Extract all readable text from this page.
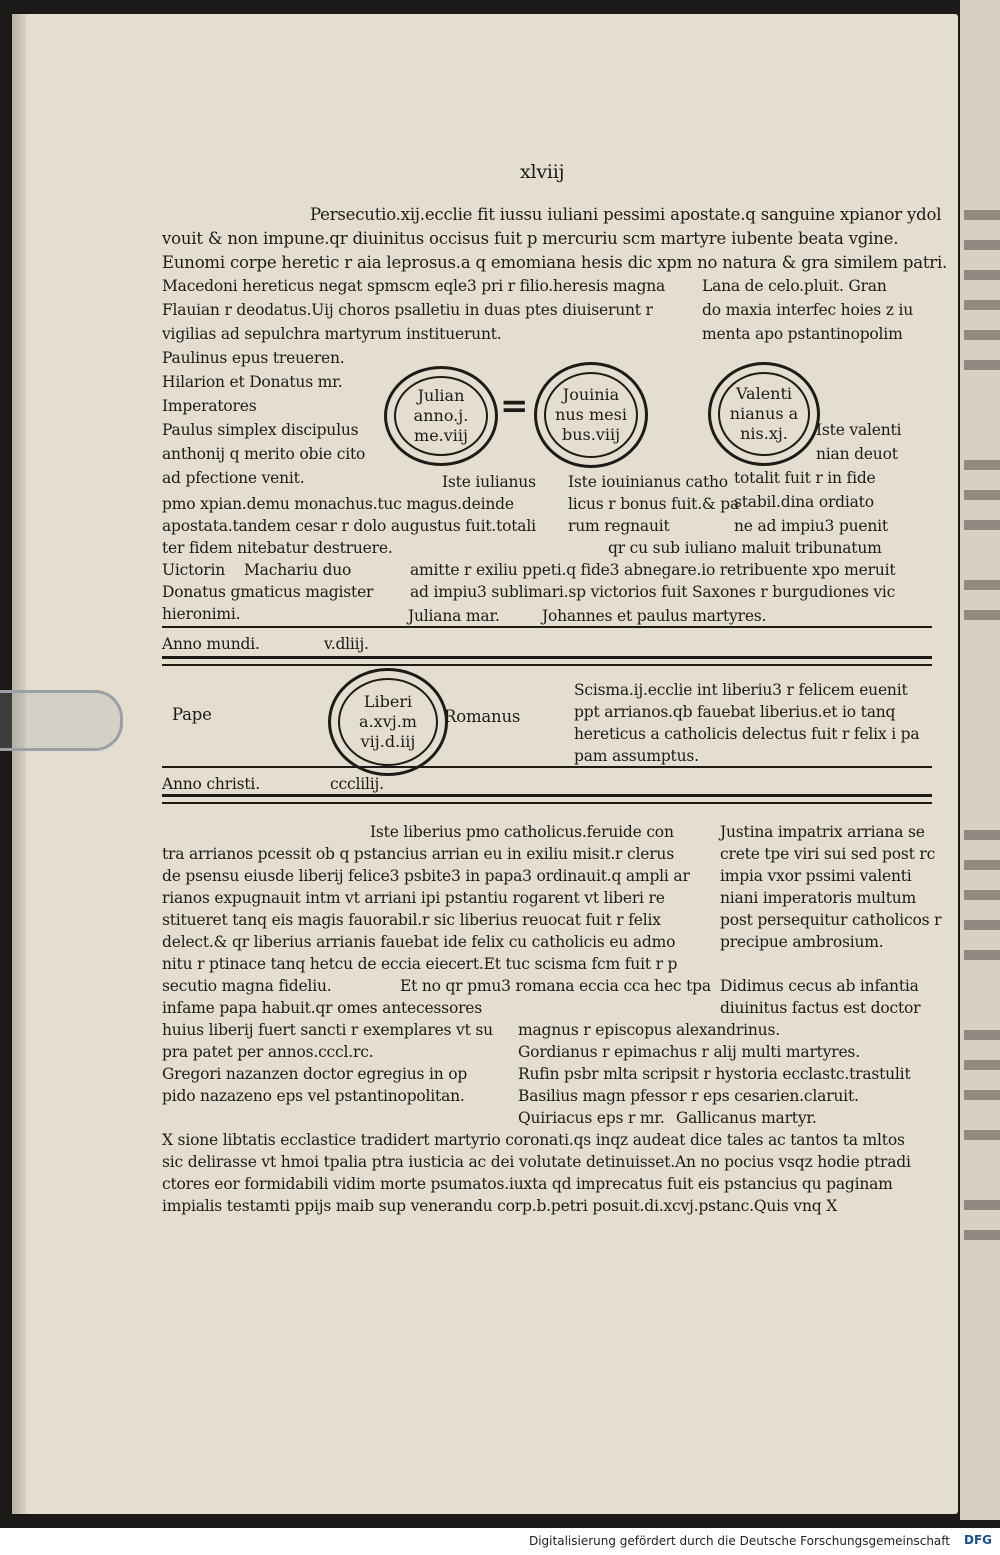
xlviij
Persecutio.xij.ecclie fit iussu iuliani pessimi apostate.q sanguine xpianor ydol
vouit & non impune.qr diuinitus occisus fuit p mercuriu scm martyre iubente beata vgine.
Eunomi corpe heretic r aia leprosus.a q emomiana hesis dic xpm no natura & gra similem patri.
Macedoni hereticus negat spmscm eqle3 pri r filio.heresis magna
Flauian r deodatus.Uij choros psalletiu in duas ptes diuiserunt r
vigilias ad sepulchra martyrum instituerunt.
Lana de celo.pluit. Gran
do maxia interfec hoies z iu
menta apo pstantinopolim
Paulinus epus treueren.
Hilarion et Donatus mr.
Imperatores
Paulus simplex discipulus
anthonij q merito obie cito
ad pfectione venit.
Julian
anno.j.
me.viij
= Jouinia
nus mesi
bus.viij
Valenti
nianus a
nis.xj. Iste valenti
nian deuot
totalit fuit r in fide
stabil.dina ordiato
ne ad impiu3 puenit
Iste iulianus Iste iouinianus catho
pmo xpian.demu monachus.tuc magus.deinde	licus r bonus fuit.& pa
apostata.tandem cesar r dolo augustus fuit.totali rum regnauit
ter fidem nitebatur destruere.	qr cu sub iuliano maluit tribunatum
Uictorin Machariu duo	amitte r exiliu ppeti.q fide3 abnegare.io retribuente xpo meruit
Donatus gmaticus magister ad impiu3 sublimari.sp victorios fuit Saxones r burgudiones vic
hieronimi.	Juliana mar.	Johannes et paulus martyres.
Anno mundi.	v.dliij.
Pape
Liberi
a.xvj.m
vij.d.iij
Romanus
Scisma.ij.ecclie int liberiu3 r felicem euenit
ppt arrianos.qb fauebat liberius.et io tanq
hereticus a catholicis delectus fuit r felix i pa
pam assumptus.
Anno christi.	ccclilij.
Iste liberius pmo catholicus.feruide con
tra arrianos pcessit ob q pstancius arrian eu in exiliu misit.r clerus
de psensu eiusde liberij felice3 psbite3 in papa3 ordinauit.q ampli ar
rianos expugnauit intm vt arriani ipi pstantiu rogarent vt liberi re
stitueret tanq eis magis fauorabil.r sic liberius reuocat fuit r felix
delect.& qr liberius arrianis fauebat ide felix cu catholicis eu admo
nitu r ptinace tanq hetcu de eccia eiecert.Et tuc scisma fcm fuit r p
secutio magna fideliu.	Et no qr pmu3 romana eccia cca hec tpa
infame papa habuit.qr omes antecessores
huius liberij fuert sancti r exemplares vt su
pra patet per annos.cccl.rc.
Gregori nazanzen doctor egregius in op
pido nazazeno eps vel pstantinopolitan.
Justina impatrix arriana se
crete tpe viri sui sed post rc
impia vxor pssimi valenti
niani imperatoris multum
post persequitur catholicos r
precipue ambrosium.
Didimus cecus ab infantia
diuinitus factus est doctor
magnus r episcopus alexandrinus.
Gordianus r epimachus r alij multi martyres.
Rufin psbr mlta scripsit r hystoria ecclastc.trastulit
Basilius magn pfessor r eps cesarien.claruit.
Quiriacus eps r mr. Gallicanus martyr.
X sione libtatis ecclastice tradidert martyrio coronati.qs inqz audeat dice tales ac tantos ta mltos
sic delirasse vt hmoi tpalia ptra iusticia ac dei volutate detinuisset.An no pocius vsqz hodie ptradi
ctores eor formidabili vidim morte psumatos.iuxta qd imprecatus fuit eis pstancius qu paginam
impialis testamti ppijs maib sup venerandu corp.b.petri posuit.di.xcvj.pstanc.Quis vnq X
Digitalisierung gefördert durch die Deutsche Forschungsgemeinschaft DFG
